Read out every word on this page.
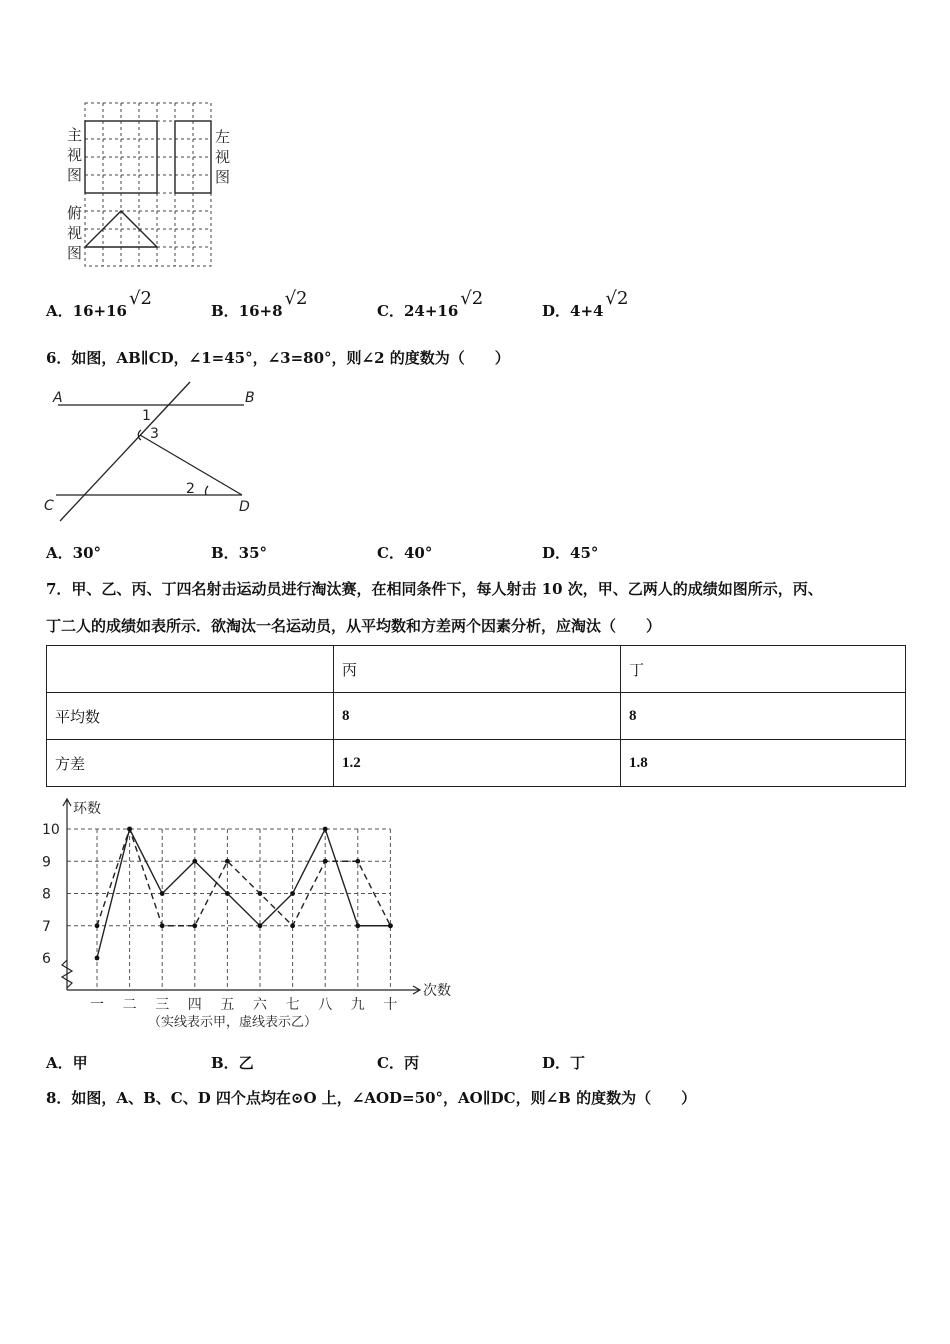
主
视
图
左
视
图
俯
视
图
A．16+16√2
B．16+8√2
C．24+16√2
D．4+4√2
6．如图，AB∥CD，∠1=45°，∠3=80°，则∠2 的度数为（　　）
A	B
C	D
1
3
2
A．30°	B．35°	C．40°	D．45°
7．甲、乙、丙、丁四名射击运动员进行淘汰赛，在相同条件下，每人射击 10 次，甲、乙两人的成绩如图所示，丙、
丁二人的成绩如表所示．欲淘汰一名运动员，从平均数和方差两个因素分析，应淘汰（　　）
	丙	丁
平均数	8	8
方差	1.2	1.8
6
7
8
9
10
一 二 三 四 五 六 七 八 九 十
环数
次数
（实线表示甲，虚线表示乙）
A．甲	B．乙	C．丙	D．丁
8．如图，A、B、C、D 四个点均在⊙O 上，∠AOD=50°，AO∥DC，则∠B 的度数为（　　）
